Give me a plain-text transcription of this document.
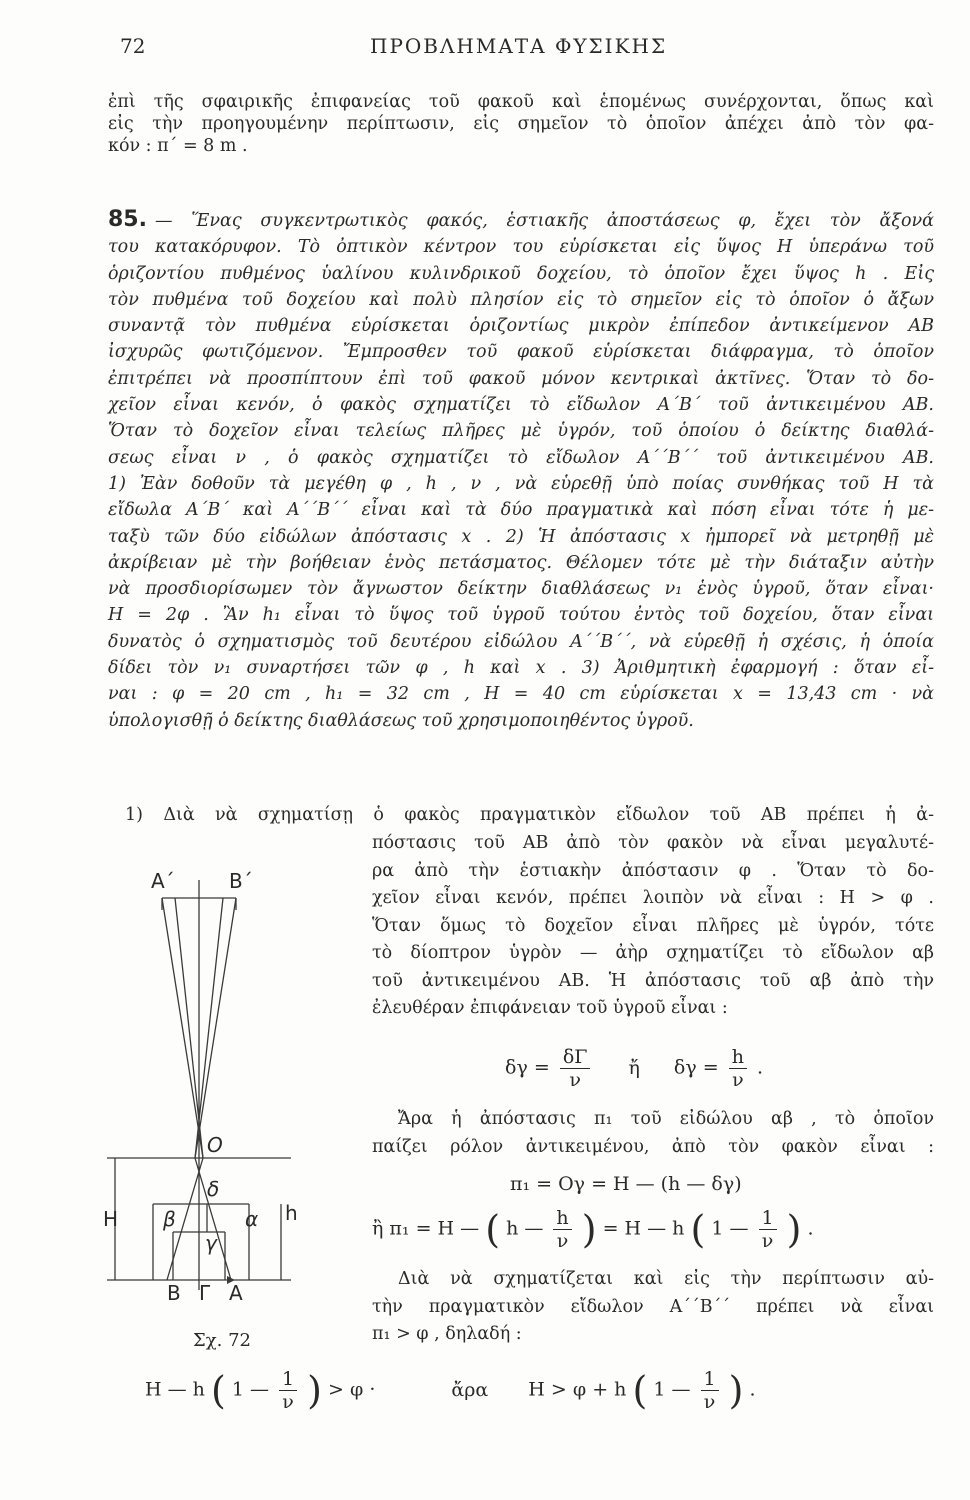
72	ΠΡΟΒΛΗΜΑΤΑ ΦΥΣΙΚΗΣ
ἐπὶ τῆς σφαιρικῆς ἐπιφανείας τοῦ φακοῦ καὶ ἑπομένως συνέρχονται, ὅπως καὶ
εἰς τὴν προηγουμένην περίπτωσιν, εἰς σημεῖον τὸ ὁποῖον ἀπέχει ἀπὸ τὸν φα-
κόν : π΄ = 8 m .
85. — Ἕνας συγκεντρωτικὸς φακός, ἑστιακῆς ἀποστάσεως φ, ἔχει τὸν ἄξονά
του κατακόρυφον. Τὸ ὀπτικὸν κέντρον του εὑρίσκεται εἰς ὕψος Η ὑπεράνω τοῦ
ὁριζοντίου πυθμένος ὑαλίνου κυλινδρικοῦ δοχείου, τὸ ὁποῖον ἔχει ὕψος h . Εἰς
τὸν πυθμένα τοῦ δοχείου καὶ πολὺ πλησίον εἰς τὸ σημεῖον εἰς τὸ ὁποῖον ὁ ἄξων
συναντᾷ τὸν πυθμένα εὑρίσκεται ὁριζοντίως μικρὸν ἐπίπεδον ἀντικείμενον ΑΒ
ἰσχυρῶς φωτιζόμενον. Ἔμπροσθεν τοῦ φακοῦ εὑρίσκεται διάφραγμα, τὸ ὁποῖον
ἐπιτρέπει νὰ προσπίπτουν ἐπὶ τοῦ φακοῦ μόνον κεντρικαὶ ἀκτῖνες. Ὅταν τὸ δο-
χεῖον εἶναι κενόν, ὁ φακὸς σχηματίζει τὸ εἴδωλον Α΄Β΄ τοῦ ἀντικειμένου ΑΒ.
Ὅταν τὸ δοχεῖον εἶναι τελείως πλῆρες μὲ ὑγρόν, τοῦ ὁποίου ὁ δείκτης διαθλά-
σεως εἶναι ν , ὁ φακὸς σχηματίζει τὸ εἴδωλον Α΄΄Β΄΄ τοῦ ἀντικειμένου ΑΒ.
1) Ἐὰν δοθοῦν τὰ μεγέθη φ , h , ν , νὰ εὑρεθῇ ὑπὸ ποίας συνθήκας τοῦ Η τὰ
εἴδωλα Α΄Β΄ καὶ Α΄΄Β΄΄ εἶναι καὶ τὰ δύο πραγματικὰ καὶ πόση εἶναι τότε ἡ με-
ταξὺ τῶν δύο εἰδώλων ἀπόστασις x . 2) Ἡ ἀπόστασις x ἠμπορεῖ νὰ μετρηθῇ μὲ
ἀκρίβειαν μὲ τὴν βοήθειαν ἑνὸς πετάσματος. Θέλομεν τότε μὲ τὴν διάταξιν αὐτὴν
νὰ προσδιορίσωμεν τὸν ἄγνωστον δείκτην διαθλάσεως ν₁ ἑνὸς ὑγροῦ, ὅταν εἶναι·
Η = 2φ . Ἂν h₁ εἶναι τὸ ὕψος τοῦ ὑγροῦ τούτου ἐντὸς τοῦ δοχείου, ὅταν εἶναι
δυνατὸς ὁ σχηματισμὸς τοῦ δευτέρου εἰδώλου Α΄΄Β΄΄, νὰ εὑρεθῇ ἡ σχέσις, ἡ ὁποία
δίδει τὸν ν₁ συναρτήσει τῶν φ , h καὶ x . 3) Ἀριθμητικὴ ἐφαρμογή : ὅταν εἶ-
ναι : φ = 20 cm , h₁ = 32 cm , Η = 40 cm εὑρίσκεται x = 13,43 cm · νὰ
ὑπολογισθῇ ὁ δείκτης διαθλάσεως τοῦ χρησιμοποιηθέντος ὑγροῦ.
1) Διὰ νὰ σχηματίσῃ ὁ φακὸς πραγματικὸν εἴδωλον τοῦ ΑΒ πρέπει ἡ ἀ-
πόστασις τοῦ ΑΒ ἀπὸ τὸν φακὸν νὰ εἶναι μεγαλυτέ-
ρα ἀπὸ τὴν ἑστιακὴν ἀπόστασιν φ . Ὅταν τὸ δο-
χεῖον εἶναι κενόν, πρέπει λοιπὸν νὰ εἶναι : Η > φ .
Ὅταν ὅμως τὸ δοχεῖον εἶναι πλῆρες μὲ ὑγρόν, τότε
τὸ δίοπτρον ὑγρὸν — ἀὴρ σχηματίζει τὸ εἴδωλον αβ
τοῦ ἀντικειμένου ΑΒ. Ἡ ἀπόστασις τοῦ αβ ἀπὸ τὴν
ἐλευθέραν ἐπιφάνειαν τοῦ ὑγροῦ εἶναι :
$\delta\gamma = \frac{\delta\Gamma}{\nu}$ ἤ $\delta\gamma = \frac{h}{\nu}$ .
Ἄρα ἡ ἀπόστασις π₁ τοῦ εἰδώλου αβ , τὸ ὁποῖον
παίζει ρόλον ἀντικειμένου, ἀπὸ τὸν φακὸν εἶναι :
π₁ = Oγ = Η — (h — δγ)
ἢ π₁ = Η — ( h — $\frac{h}{\nu}$ ) = Η — h ( 1 — $\frac{1}{\nu}$ ) .
Διὰ νὰ σχηματίζεται καὶ εἰς τὴν περίπτωσιν αὐ-
τὴν πραγματικὸν εἴδωλον Α΄΄Β΄΄ πρέπει νὰ εἶναι
π₁ > φ , δηλαδή :
Η — h ( 1 — $\frac{1}{\nu}$ ) > φ ·	ἄρα Η > φ + h ( 1 — $\frac{1}{\nu}$ ) .
A΄	B΄
O
δ
H β
γ
α h
B Γ A
Σχ. 72
